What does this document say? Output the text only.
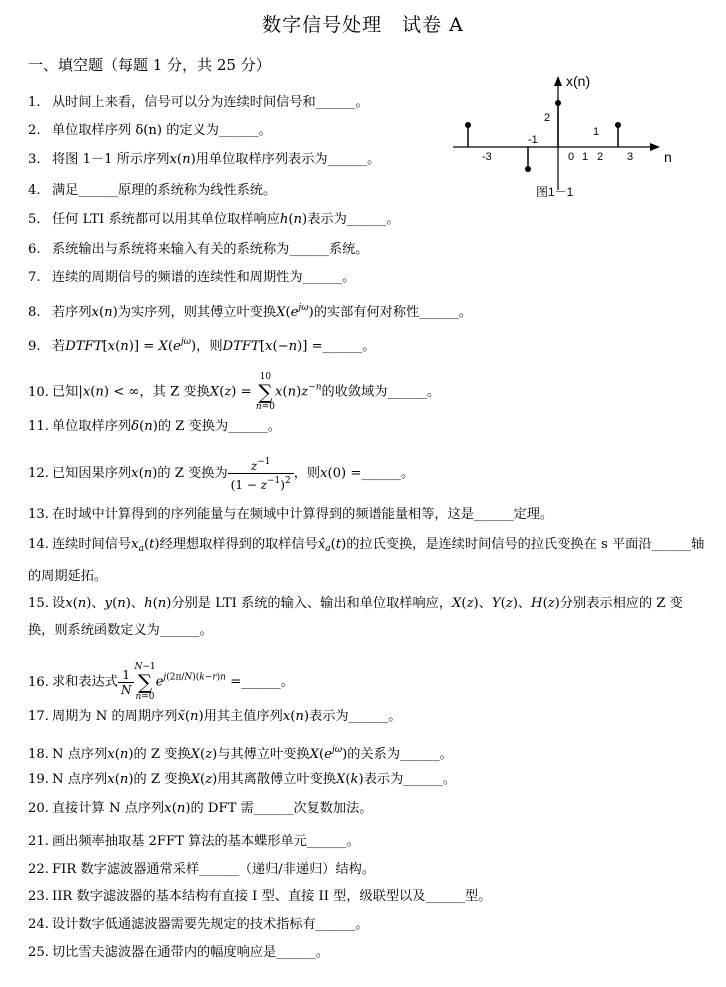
数字信号处理　试卷 A
一、填空题（每题 1 分，共 25 分）
x(n)
n
-3	0 1 2 3
2
-1
1
图1－1
1. 从时间上来看，信号可以分为连续时间信号和______。
2. 单位取样序列 δ(n) 的定义为______。
3. 将图 1－1 所示序列x(n)用单位取样序列表示为______。
4. 满足______原理的系统称为线性系统。
5. 任何 LTI 系统都可以用其单位取样响应h(n)表示为______。
6. 系统输出与系统将来输入有关的系统称为______系统。
7. 连续的周期信号的频谱的连续性和周期性为______。
8. 若序列x(n)为实序列，则其傅立叶变换$X(e^{j\omega})$的实部有何对称性______。
9. 若DTFT[x(n)] = $X(e^{j\omega})$，则DTFT[x(−n)] =______。
10. 已知|x(n) < ∞，其 Z 变换X(z) = 10
∑
$n=0x(n)z^{-n}$的收敛域为______。
11. 单位取样序列δ(n)的 Z 变换为______。
12. 已知因果序列x(n)的 Z 变换为 $\frac{z^{-1}}{(1 - z^{-1})^2}$ ，则x(0) =______。
13. 在时域中计算得到的序列能量与在频域中计算得到的频谱能量相等，这是______定理。
14. 连续时间信号$x_a(t)$经理想取样得到的取样信号$x̂_a(t)$的拉氏变换，是连续时间信号的拉氏变换在 s 平面沿______轴的周期延拓。
15. 设x(n)、y(n)、h(n)分别是 LTI 系统的输入、输出和单位取样响应，X(z)、Y(z)、H(z)分别表示相应的 Z 变换，则系统函数定义为______。
16. 求和表达式 $\frac{1}{N}$
N−1
∑
$n=0e^{j(2\pi/N)(k-r)n}$ =______。
17. 周期为 N 的周期序列x̃(n)用其主值序列x(n)表示为______。
18. N 点序列x(n)的 Z 变换X(z)与其傅立叶变换$X(e^{j\omega})$的关系为______。
19. N 点序列x(n)的 Z 变换X(z)用其离散傅立叶变换X(k)表示为______。
20. 直接计算 N 点序列x(n)的 DFT 需______次复数加法。
21. 画出频率抽取基 2FFT 算法的基本蝶形单元______。
22. FIR 数字滤波器通常采样______（递归/非递归）结构。
23. IIR 数字滤波器的基本结构有直接 I 型、直接 II 型，级联型以及______型。
24. 设计数字低通滤波器需要先规定的技术指标有______。
25. 切比雪夫滤波器在通带内的幅度响应是______。
